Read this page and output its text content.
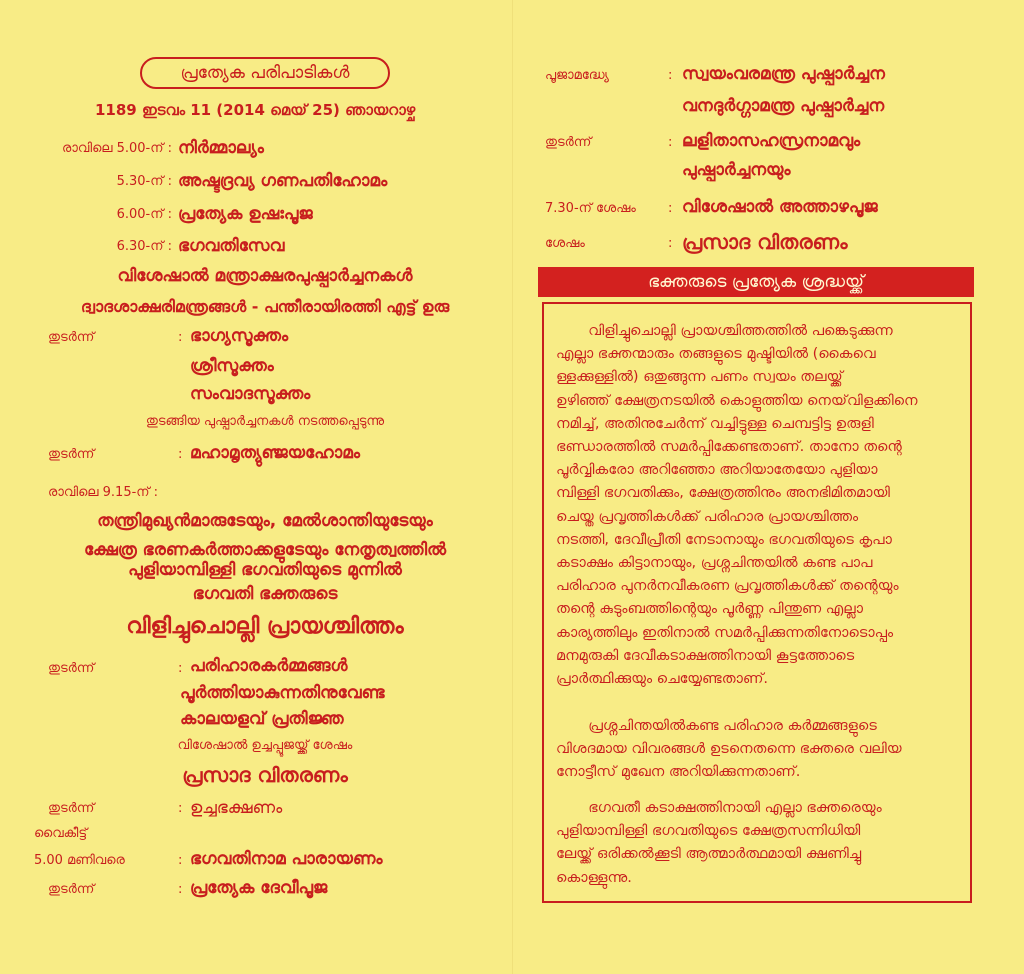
പ്രത്യേക പരിപാടികൾ
1189 ഇടവം 11 (2014 മെയ് 25) ഞായറാഴ്ച
രാവിലെ 5.00-ന് : നിർമ്മാല്യം
5.30-ന് : അഷ്ടദ്രവ്യ ഗണപതിഹോമം
6.00-ന് : പ്രത്യേക ഉഷഃപൂജ
6.30-ന് : ഭഗവതിസേവ
വിശേഷാൽ മന്ത്രാക്ഷരപുഷ്പാർച്ചനകൾ
ദ്വാദശാക്ഷരിമന്ത്രങ്ങൾ - പന്തീരായിരത്തി എട്ട് ഉരു
തുടർന്ന്	: ഭാഗ്യസൂക്തം
ശ്രീസൂക്തം
സംവാദസൂക്തം
തുടങ്ങിയ പുഷ്പാർച്ചനകൾ നടത്തപ്പെടുന്നു
തുടർന്ന്	: മഹാമൃത്യുഞ്ജയഹോമം
രാവിലെ 9.15-ന് :
തന്ത്രിമുഖ്യൻമാരുടേയും, മേൽശാന്തിയുടേയും
ക്ഷേത്ര ഭരണകർത്താക്കളുടേയും നേതൃത്വത്തിൽ
പുളിയാമ്പിള്ളി ഭഗവതിയുടെ മുന്നിൽ
ഭഗവതി ഭക്തരുടെ
വിളിച്ചുചൊല്ലി പ്രായശ്ചിത്തം
തുടർന്ന്	: പരിഹാരകർമ്മങ്ങൾ
പൂർത്തിയാകുന്നതിനുവേണ്ട
കാലയളവ് പ്രതിജ്ഞ
വിശേഷാൽ ഉച്ചപ്പൂജയ്ക്ക് ശേഷം
പ്രസാദ വിതരണം
തുടർന്ന്	: ഉച്ചഭക്ഷണം
വൈകീട്ട്
5.00 മണിവരെ	: ഭഗവതിനാമ പാരായണം
തുടർന്ന്	: പ്രത്യേക ദേവീപൂജ
പൂജാമദ്ധ്യേ	: സ്വയംവരമന്ത്ര പുഷ്പാർച്ചന
വനദുർഗ്ഗാമന്ത്ര പുഷ്പാർച്ചന
തുടർന്ന്	: ലളിതാസഹസ്രനാമവും
പുഷ്പാർച്ചനയും
7.30-ന് ശേഷം : വിശേഷാൽ അത്താഴപൂജ
ശേഷം	: പ്രസാദ വിതരണം
ഭക്തരുടെ പ്രത്യേക ശ്രദ്ധയ്ക്ക്
വിളിച്ചുചൊല്ലി പ്രായശ്ചിത്തത്തിൽ പങ്കെടുക്കുന്ന
എല്ലാ ഭക്തന്മാരും തങ്ങളുടെ മുഷ്ടിയിൽ (കൈവെ
ള്ളക്കുള്ളിൽ) ഒതുങ്ങുന്ന പണം സ്വയം തലയ്ക്ക്
ഉഴിഞ്ഞ് ക്ഷേത്രനടയിൽ കൊളുത്തിയ നെയ്‌വിളക്കിനെ
നമിച്ച്, അതിനുചേർന്ന് വച്ചിട്ടുള്ള ചെമ്പട്ടിട്ട ഉരുളി
ഭണ്ഡാരത്തിൽ സമർപ്പിക്കേണ്ടതാണ്. താനോ തന്റെ
പൂർവ്വികരോ അറിഞ്ഞോ അറിയാതേയോ പുളിയാ
മ്പിള്ളി ഭഗവതിക്കും, ക്ഷേത്രത്തിനും അനഭിമിതമായി
ചെയ്ത പ്രവൃത്തികൾക്ക് പരിഹാര പ്രായശ്ചിത്തം
നടത്തി, ദേവീപ്രീതി നേടാനായും ഭഗവതിയുടെ കൃപാ
കടാക്ഷം കിട്ടാനായും, പ്രശ്നചിന്തയിൽ കണ്ട പാപ
പരിഹാര പുനർനവീകരണ പ്രവൃത്തികൾക്ക് തന്റെയും
തന്റെ കുടുംബത്തിന്റെയും പൂർണ്ണ പിന്തുണ എല്ലാ
കാര്യത്തിലും ഇതിനാൽ സമർപ്പിക്കുന്നതിനോടൊപ്പം
മനമുരുകി ദേവീകടാക്ഷത്തിനായി കൂട്ടത്തോടെ
പ്രാർത്ഥിക്കുയും ചെയ്യേണ്ടതാണ്.
പ്രശ്നചിന്തയിൽകണ്ട പരിഹാര കർമ്മങ്ങളുടെ
വിശദമായ വിവരങ്ങൾ ഉടനെതന്നെ ഭക്തരെ വലിയ
നോട്ടീസ് മുഖേന അറിയിക്കുന്നതാണ്.
ഭഗവതീ കടാക്ഷത്തിനായി എല്ലാ ഭക്തരെയും
പുളിയാമ്പിള്ളി ഭഗവതിയുടെ ക്ഷേത്രസന്നിധിയി
ലേയ്ക്ക് ഒരിക്കൽക്കൂടി ആത്മാർത്ഥമായി ക്ഷണിച്ചു
കൊള്ളുന്നു.
